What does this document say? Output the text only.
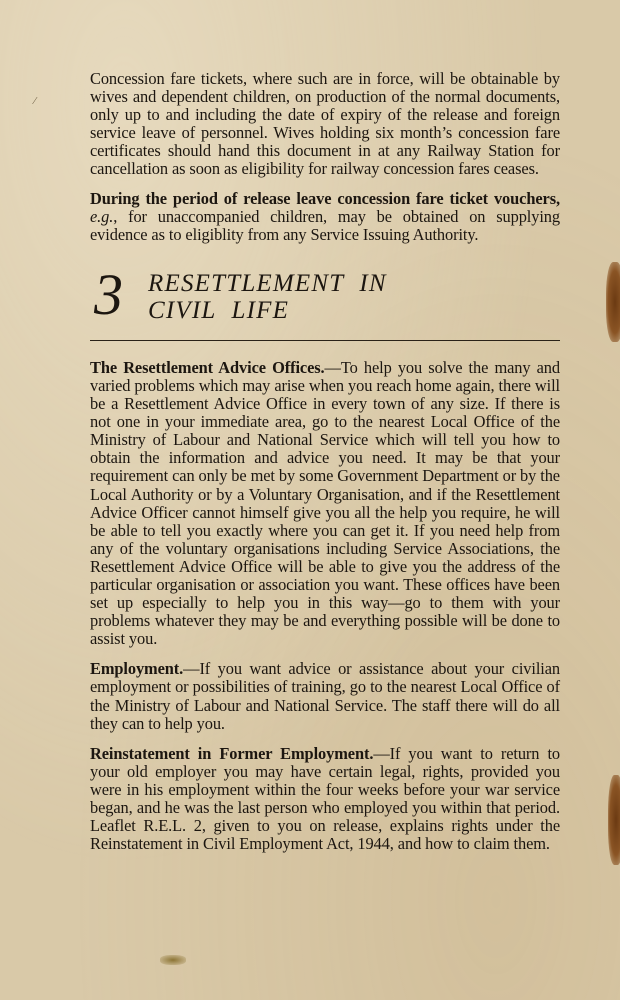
⁄

Concession fare tickets, where such are in force, will be obtainable by wives and dependent children, on production of the normal documents, only up to and including the date of expiry of the release and foreign service leave of personnel. Wives holding six month’s concession fare certificates should hand this document in at any Railway Station for cancellation as soon as eligibility for railway concession fares ceases.

During the period of release leave concession fare ticket vouchers, e.g., for unaccompanied children, may be obtained on supplying evidence as to eligiblity from any Service Issuing Authority.

3 RESETTLEMENT IN
CIVIL LIFE

The Resettlement Advice Offices.—To help you solve the many and varied problems which may arise when you reach home again, there will be a Resettlement Advice Office in every town of any size. If there is not one in your immediate area, go to the nearest Local Office of the Ministry of Labour and National Service which will tell you how to obtain the information and advice you need. It may be that your requirement can only be met by some Government Department or by the Local Authority or by a Voluntary Organisation, and if the Resettlement Advice Officer cannot himself give you all the help you require, he will be able to tell you exactly where you can get it. If you need help from any of the voluntary organisations including Service Associations, the Resettlement Advice Office will be able to give you the address of the particular organisation or association you want. These offices have been set up especially to help you in this way—go to them with your problems whatever they may be and everything possible will be done to assist you.

Employment.—If you want advice or assistance about your civilian employment or possibilities of training, go to the nearest Local Office of the Ministry of Labour and National Service. The staff there will do all they can to help you.

Reinstatement in Former Employment.—If you want to return to your old employer you may have certain legal, rights, provided you were in his employment within the four weeks before your war service began, and he was the last person who employed you within that period. Leaflet R.E.L. 2, given to you on release, explains rights under the Reinstatement in Civil Employment Act, 1944, and how to claim them.
